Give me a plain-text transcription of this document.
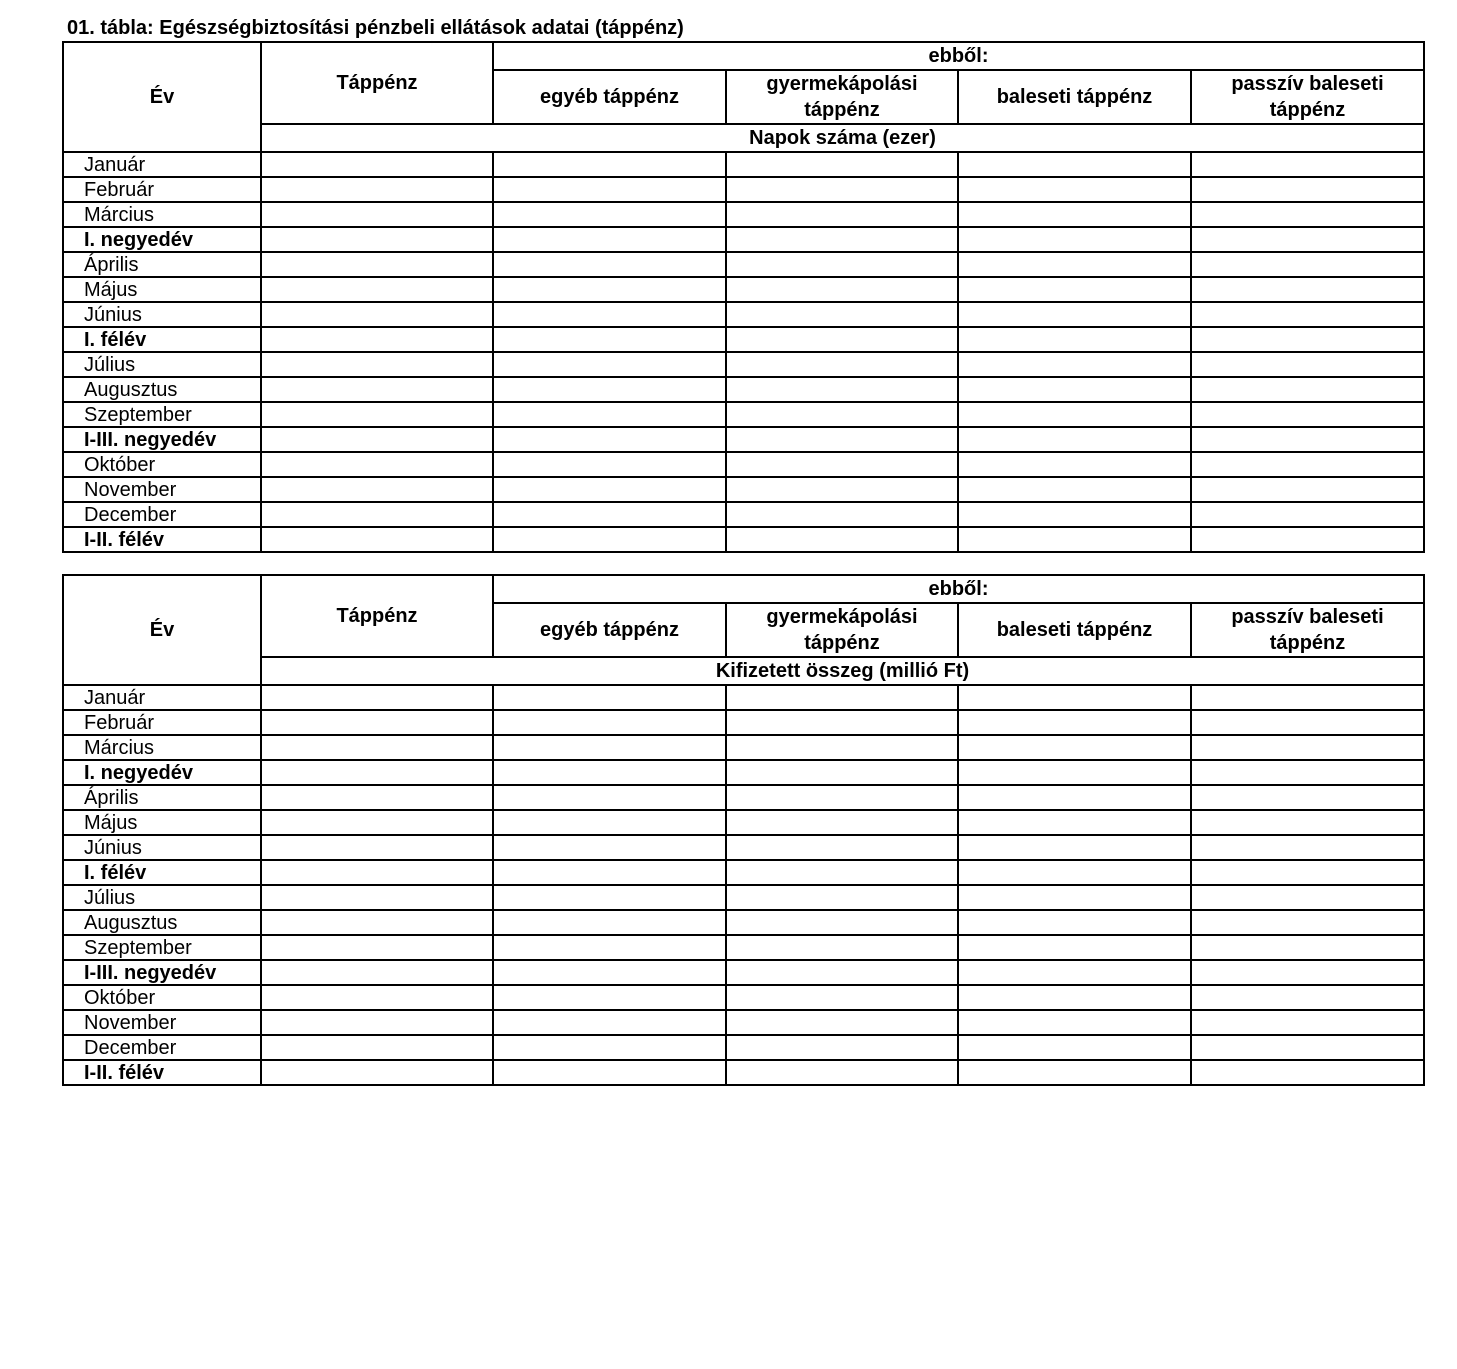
01. tábla: Egészségbiztosítási pénzbeli ellátások adatai (táppénz)
Év	Táppénz	ebből:			
		egyéb táppénz	gyermekápolási táppénz	baleseti táppénz	passzív baleseti táppénz
	Napok száma (ezer)				
Január					
Február					
Március					
I. negyedév					
Április					
Május					
Június					
I. félév					
Július					
Augusztus					
Szeptember					
I-III. negyedév					
Október					
November					
December					
I-II. félév					
Év	Táppénz	ebből:			
		egyéb táppénz	gyermekápolási táppénz	baleseti táppénz	passzív baleseti táppénz
	Kifizetett összeg (millió Ft)				
Január					
Február					
Március					
I. negyedév					
Április					
Május					
Június					
I. félév					
Július					
Augusztus					
Szeptember					
I-III. negyedév					
Október					
November					
December					
I-II. félév					
